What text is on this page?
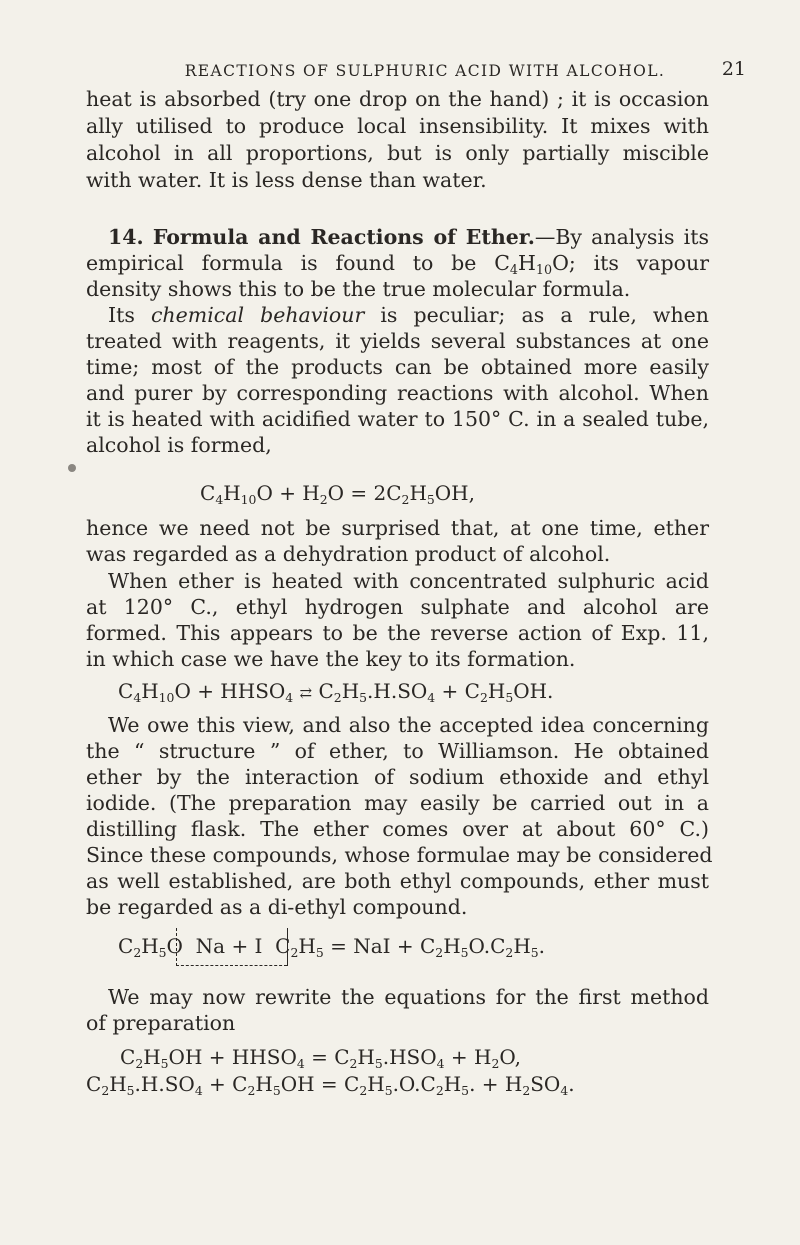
REACTIONS OF SULPHURIC ACID WITH ALCOHOL.	21
heat is absorbed (try one drop on the hand) ; it is occasion
ally utilised to produce local insensibility. It mixes with
alcohol in all proportions, but is only partially miscible
with water. It is less dense than water.
14. Formula and Reactions of Ether.—By analysis its
empirical formula is found to be $C_4H_{10}O$; its vapour
density shows this to be the true molecular formula.
Its chemical behaviour is peculiar; as a rule, when
treated with reagents, it yields several substances at one
time; most of the products can be obtained more easily
and purer by corresponding reactions with alcohol. When
it is heated with acidified water to 150° C. in a sealed tube,
alcohol is formed,
$C_4H_{10}O + H_2O = 2C_2H_5OH$,
hence we need not be surprised that, at one time, ether
was regarded as a dehydration product of alcohol.
When ether is heated with concentrated sulphuric acid
at 120° C., ethyl hydrogen sulphate and alcohol are
formed. This appears to be the reverse action of Exp. 11,
in which case we have the key to its formation.
$C_4H_{10}O$ + $HHSO_4$ ⇄ $C_2H_5.H.SO_4 + C_2H_5OH$.
We owe this view, and also the accepted idea concerning
the “ structure ” of ether, to Williamson. He obtained
ether by the interaction of sodium ethoxide and ethyl
iodide. (The preparation may easily be carried out in a
distilling flask. The ether comes over at about 60° C.)
Since these compounds, whose formulae may be considered
as well established, are both ethyl compounds, ether must
be regarded as a di-ethyl compound.
$C_2H_5O$  Na + I  $C_2H_5$ = NaI + $C_2H_5O.C_2H_5$.
We may now rewrite the equations for the first method
of preparation
$C_2H_5OH$ + $HHSO_4 = C_2H_5.HSO_4 + H_2O$,
$C_2H_5.H.SO_4 + C_2H_5OH = C_2H_5.O.C_2H_5$. + $H_2SO_4$.
